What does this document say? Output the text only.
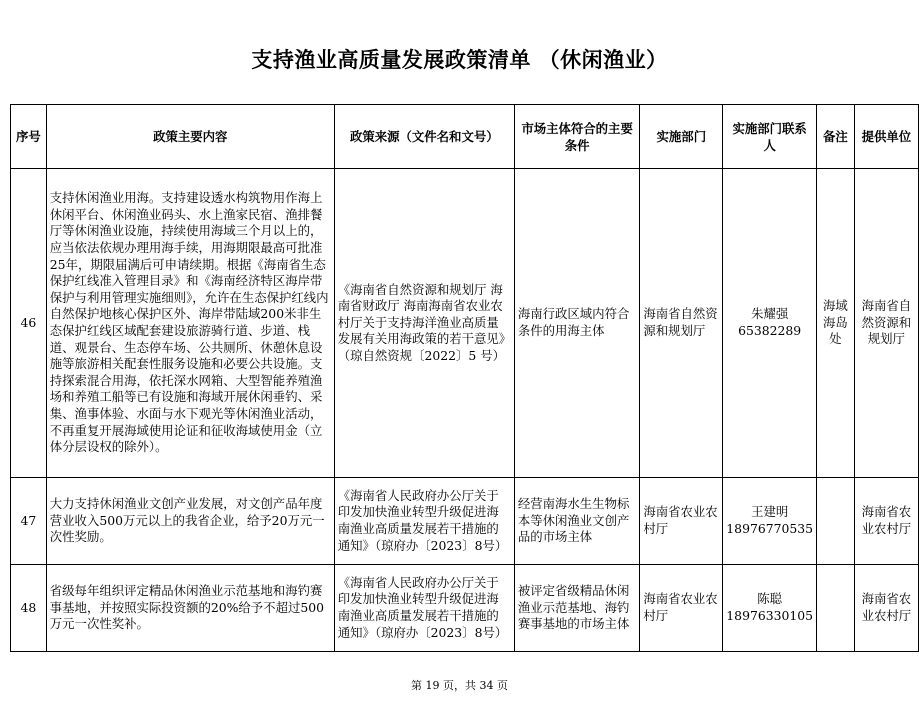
支持渔业高质量发展政策清单 （休闲渔业）
序号	政策主要内容	政策来源（文件名和文号）	市场主体符合的主要条件	实施部门	实施部门联系人	备注	提供单位
46	支持休闲渔业用海。支持建设透水构筑物用作海上休闲平台、休闲渔业码头、水上渔家民宿、渔排餐厅等休闲渔业设施，持续使用海域三个月以上的，应当依法依规办理用海手续，用海期限最高可批准25年，期限届满后可申请续期。根据《海南省生态保护红线准入管理目录》和《海南经济特区海岸带保护与利用管理实施细则》，允许在生态保护红线内自然保护地核心保护区外、海岸带陆域200米非生态保护红线区域配套建设旅游骑行道、步道、栈道、观景台、生态停车场、公共厕所、休憩休息设施等旅游相关配套性服务设施和必要公共设施。支持探索混合用海，依托深水网箱、大型智能养殖渔场和养殖工船等已有设施和海域开展休闲垂钓、采集、渔事体验、水面与水下观光等休闲渔业活动，不再重复开展海域使用论证和征收海域使用金（立体分层设权的除外）。	《海南省自然资源和规划厅 海南省财政厅 海南海南省农业农村厅关于支持海洋渔业高质量发展有关用海政策的若干意见》（琼自然资规〔2022〕5 号）	海南行政区域内符合条件的用海主体	海南省自然资源和规划厅	朱耀强 65382289	海域海岛处	海南省自然资源和规划厅
47	大力支持休闲渔业文创产业发展，对文创产品年度营业收入500万元以上的我省企业，给予20万元一次性奖励。	《海南省人民政府办公厅关于印发加快渔业转型升级促进海南渔业高质量发展若干措施的通知》（琼府办〔2023〕8号）	经营南海水生生物标本等休闲渔业文创产品的市场主体	海南省农业农村厅	王建明 18976770535		海南省农业农村厅
48	省级每年组织评定精品休闲渔业示范基地和海钓赛事基地，并按照实际投资额的20%给予不超过500万元一次性奖补。	《海南省人民政府办公厅关于印发加快渔业转型升级促进海南渔业高质量发展若干措施的通知》（琼府办〔2023〕8号）	被评定省级精品休闲渔业示范基地、海钓赛事基地的市场主体	海南省农业农村厅	陈聪 18976330105		海南省农业农村厅
第 19 页，共 34 页
